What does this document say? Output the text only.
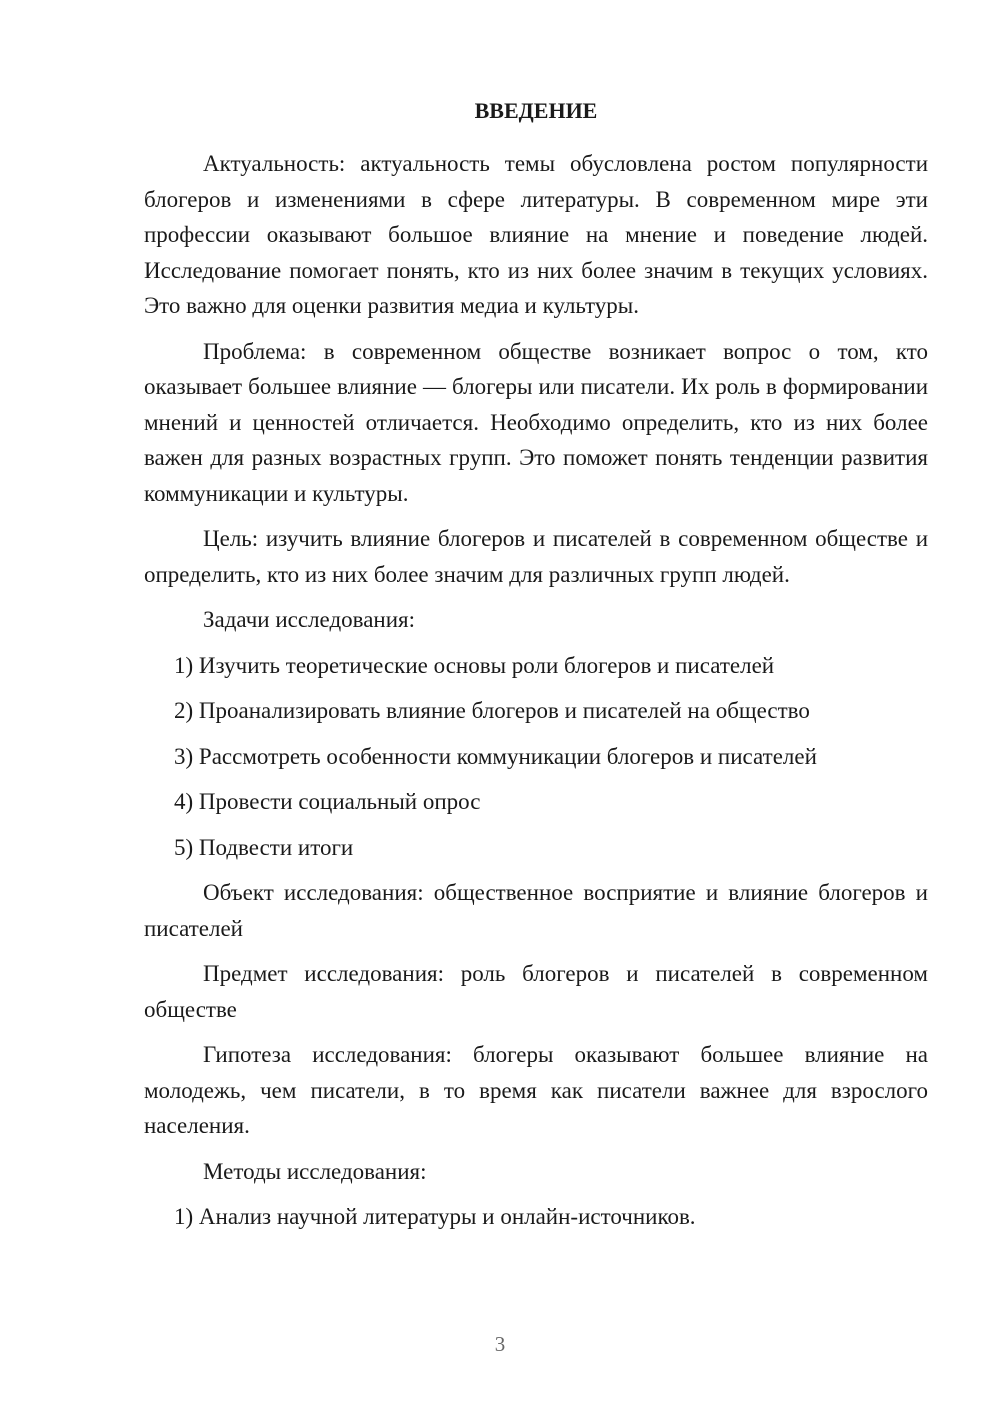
ВВЕДЕНИЕ

Актуальность: актуальность темы обусловлена ростом популярности блогеров и изменениями в сфере литературы. В современном мире эти профессии оказывают большое влияние на мнение и поведение людей. Исследование помогает понять, кто из них более значим в текущих условиях. Это важно для оценки развития медиа и культуры.

Проблема: в современном обществе возникает вопрос о том, кто оказывает большее влияние — блогеры или писатели. Их роль в формировании мнений и ценностей отличается. Необходимо определить, кто из них более важен для разных возрастных групп. Это поможет понять тенденции развития коммуникации и культуры.

Цель: изучить влияние блогеров и писателей в современном обществе и определить, кто из них более значим для различных групп людей.

Задачи исследования:

1) Изучить теоретические основы роли блогеров и писателей
2) Проанализировать влияние блогеров и писателей на общество
3) Рассмотреть особенности коммуникации блогеров и писателей
4) Провести социальный опрос
5) Подвести итоги

Объект исследования: общественное восприятие и влияние блогеров и писателей

Предмет исследования: роль блогеров и писателей в современном обществе

Гипотеза исследования: блогеры оказывают большее влияние на молодежь, чем писатели, в то время как писатели важнее для взрослого населения.

Методы исследования:

1) Анализ научной литературы и онлайн-источников.
3
